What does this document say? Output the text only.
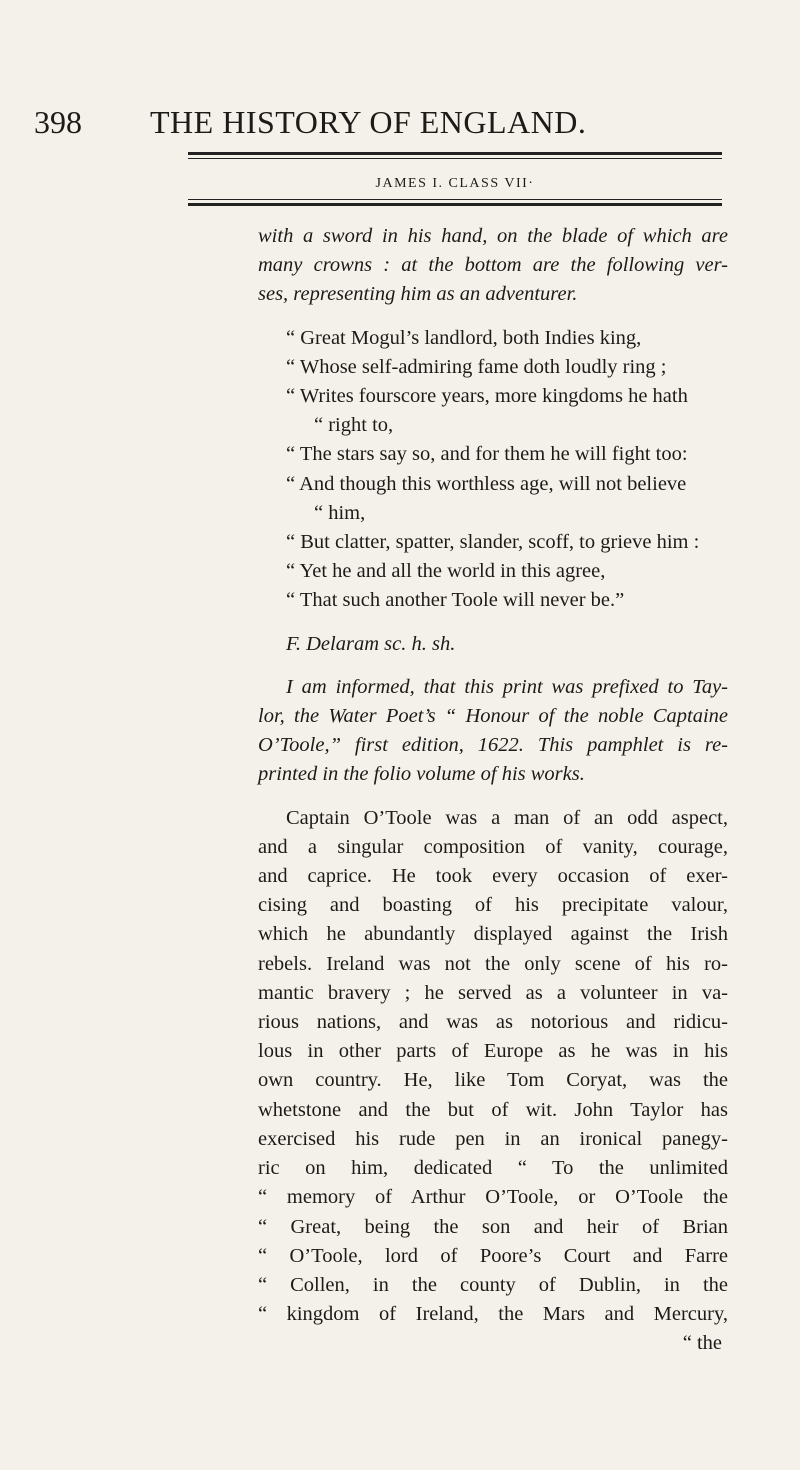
398 THE HISTORY OF ENGLAND.
JAMES I. CLASS VII·
with a sword in his hand, on the blade of which are
many crowns : at the bottom are the following ver-
ses, representing him as an adventurer.
“ Great Mogul’s landlord, both Indies king,
“ Whose self-admiring fame doth loudly ring ;
“ Writes fourscore years, more kingdoms he hath
“ right to,
“ The stars say so, and for them he will fight too:
“ And though this worthless age, will not believe
“ him,
“ But clatter, spatter, slander, scoff, to grieve him :
“ Yet he and all the world in this agree,
“ That such another Toole will never be.”
F. Delaram sc. h. sh.
I am informed, that this print was prefixed to Tay-
lor, the Water Poet’s “ Honour of the noble Captaine
O’Toole,” first edition, 1622. This pamphlet is re-
printed in the folio volume of his works.
Captain O’Toole was a man of an odd aspect,
and a singular composition of vanity, courage,
and caprice. He took every occasion of exer-
cising and boasting of his precipitate valour,
which he abundantly displayed against the Irish
rebels. Ireland was not the only scene of his ro-
mantic bravery ; he served as a volunteer in va-
rious nations, and was as notorious and ridicu-
lous in other parts of Europe as he was in his
own country. He, like Tom Coryat, was the
whetstone and the but of wit. John Taylor has
exercised his rude pen in an ironical panegy-
ric on him, dedicated “ To the unlimited
“ memory of Arthur O’Toole, or O’Toole the
“ Great, being the son and heir of Brian
“ O’Toole, lord of Poore’s Court and Farre
“ Collen, in the county of Dublin, in the
“ kingdom of Ireland, the Mars and Mercury,
“ the
